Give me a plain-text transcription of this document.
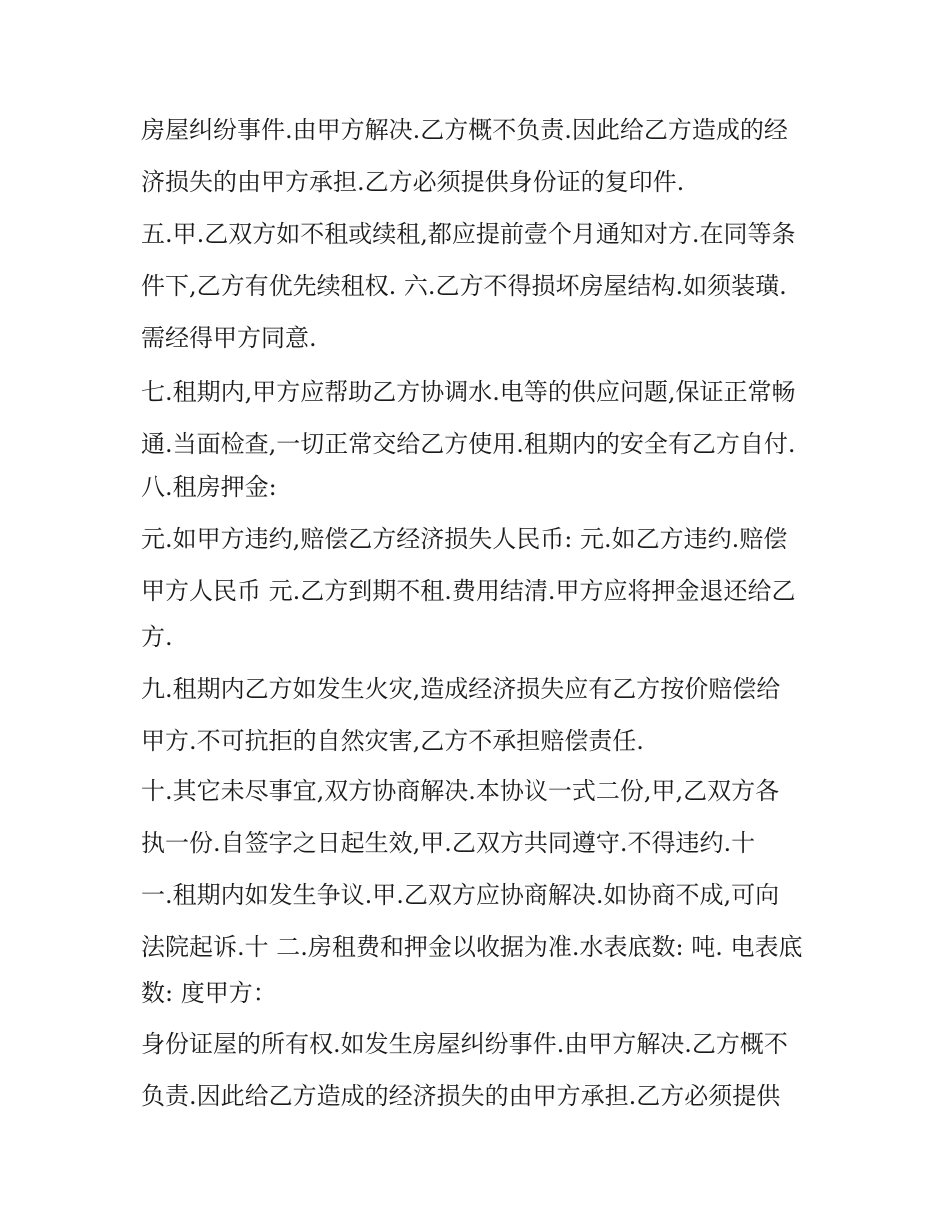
房屋纠纷事件.由甲方解决.乙方概不负责.因此给乙方造成的经

济损失的由甲方承担.乙方必须提供身份证的复印件.

五.甲.乙双方如不租或续租,都应提前壹个月通知对方.在同等条

件下,乙方有优先续租权. 六.乙方不得损坏房屋结构.如须装璜.

需经得甲方同意.

七.租期内,甲方应帮助乙方协调水.电等的供应问题,保证正常畅

通.当面检查,一切正常交给乙方使用.租期内的安全有乙方自付.

八.租房押金:

元.如甲方违约,赔偿乙方经济损失人民币: 元.如乙方违约.赔偿

甲方人民币 元.乙方到期不租.费用结清.甲方应将押金退还给乙

方.

九.租期内乙方如发生火灾,造成经济损失应有乙方按价赔偿给

甲方.不可抗拒的自然灾害,乙方不承担赔偿责任.

十.其它未尽事宜,双方协商解决.本协议一式二份,甲,乙双方各

执一份.自签字之日起生效,甲.乙双方共同遵守.不得违约.十

一.租期内如发生争议.甲.乙双方应协商解决.如协商不成,可向

法院起诉.十 二.房租费和押金以收据为准.水表底数: 吨. 电表底

数: 度甲方：

身份证屋的所有权.如发生房屋纠纷事件.由甲方解决.乙方概不

负责.因此给乙方造成的经济损失的由甲方承担.乙方必须提供
